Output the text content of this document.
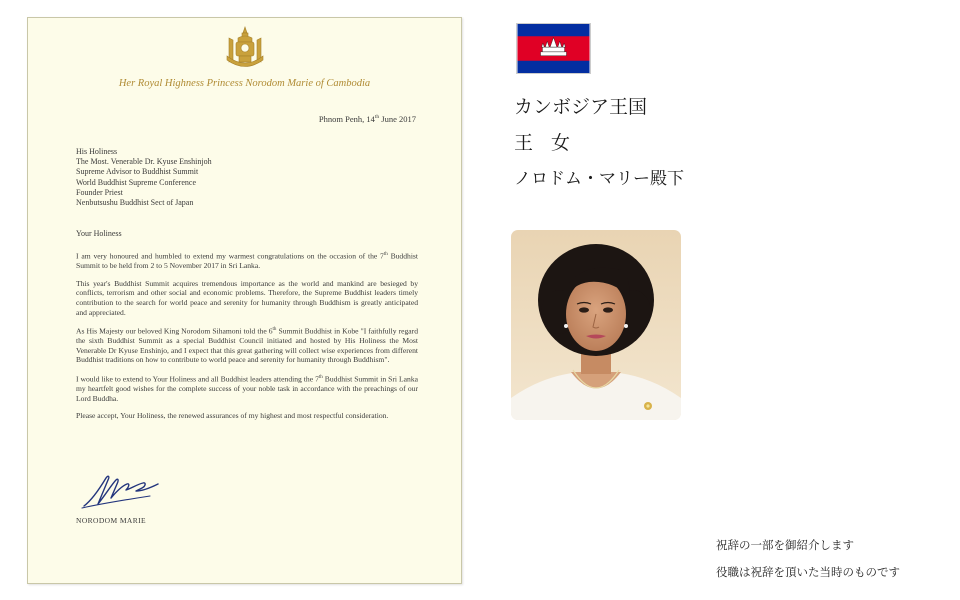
Her Royal Highness Princess Norodom Marie of Cambodia
Phnom Penh, 14th June 2017
His Holiness
The Most. Venerable Dr. Kyuse Enshinjoh
Supreme Advisor to Buddhist Summit
World Buddhist Supreme Conference
Founder Priest
Nenbutsushu Buddhist Sect of Japan
Your Holiness

I am very honoured and humbled to extend my warmest congratulations on the occasion of the 7th Buddhist Summit to be held from 2 to 5 November 2017 in Sri Lanka.

This year's Buddhist Summit acquires tremendous importance as the world and mankind are besieged by conflicts, terrorism and other social and economic problems. Therefore, the Supreme Buddhist leaders timely contribution to the search for world peace and serenity for humanity through Buddhism is greatly anticipated and appreciated.

As His Majesty our beloved King Norodom Sihamoni told the 6th Summit Buddhist in Kobe "I faithfully regard the sixth Buddhist Summit as a special Buddhist Council initiated and hosted by His Holiness the Most Venerable Dr Kyuse Enshinjo, and I expect that this great gathering will collect wise experiences from different Buddhist traditions on how to contribute to world peace and serenity for humanity through Buddhism".

I would like to extend to Your Holiness and all Buddhist leaders attending the 7th Buddhist Summit in Sri Lanka my heartfelt good wishes for the complete success of your noble task in accordance with the preachings of our Lord Buddha.

Please accept, Your Holiness, the renewed assurances of my highest and most respectful consideration.

NORODOM MARIE
カンボジア王国
王女
ノロドム・マリー殿下
祝辞の一部を御紹介します
役職は祝辞を頂いた当時のものです
